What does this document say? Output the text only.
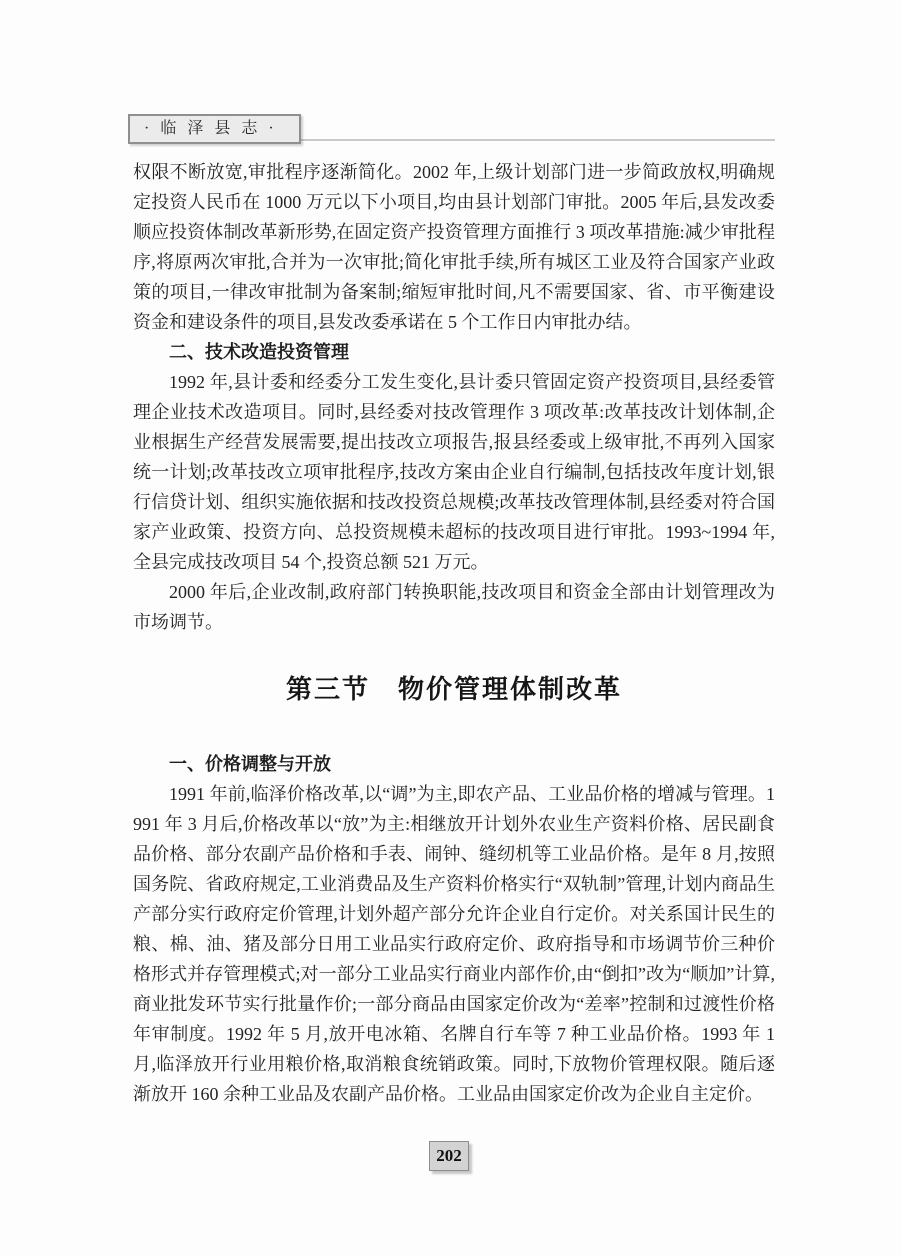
·临泽县志·

权限不断放宽,审批程序逐渐简化。2002 年,上级计划部门进一步简政放权,明确规定投资人民币在 1000 万元以下小项目,均由县计划部门审批。2005 年后,县发改委顺应投资体制改革新形势,在固定资产投资管理方面推行 3 项改革措施:减少审批程序,将原两次审批,合并为一次审批;简化审批手续,所有城区工业及符合国家产业政策的项目,一律改审批制为备案制;缩短审批时间,凡不需要国家、省、市平衡建设资金和建设条件的项目,县发改委承诺在 5 个工作日内审批办结。

二、技术改造投资管理

1992 年,县计委和经委分工发生变化,县计委只管固定资产投资项目,县经委管理企业技术改造项目。同时,县经委对技改管理作 3 项改革:改革技改计划体制,企业根据生产经营发展需要,提出技改立项报告,报县经委或上级审批,不再列入国家统一计划;改革技改立项审批程序,技改方案由企业自行编制,包括技改年度计划,银行信贷计划、组织实施依据和技改投资总规模;改革技改管理体制,县经委对符合国家产业政策、投资方向、总投资规模未超标的技改项目进行审批。1993~1994 年,全县完成技改项目 54 个,投资总额 521 万元。

2000 年后,企业改制,政府部门转换职能,技改项目和资金全部由计划管理改为市场调节。

第三节　物价管理体制改革
一、价格调整与开放

1991 年前,临泽价格改革,以“调”为主,即农产品、工业品价格的增减与管理。1991 年 3 月后,价格改革以“放”为主:相继放开计划外农业生产资料价格、居民副食品价格、部分农副产品价格和手表、闹钟、缝纫机等工业品价格。是年 8 月,按照国务院、省政府规定,工业消费品及生产资料价格实行“双轨制”管理,计划内商品生产部分实行政府定价管理,计划外超产部分允许企业自行定价。对关系国计民生的粮、棉、油、猪及部分日用工业品实行政府定价、政府指导和市场调节价三种价格形式并存管理模式;对一部分工业品实行商业内部作价,由“倒扣”改为“顺加”计算,商业批发环节实行批量作价;一部分商品由国家定价改为“差率”控制和过渡性价格年审制度。1992 年 5 月,放开电冰箱、名牌自行车等 7 种工业品价格。1993 年 1 月,临泽放开行业用粮价格,取消粮食统销政策。同时,下放物价管理权限。随后逐渐放开 160 余种工业品及农副产品价格。工业品由国家定价改为企业自主定价。

202
